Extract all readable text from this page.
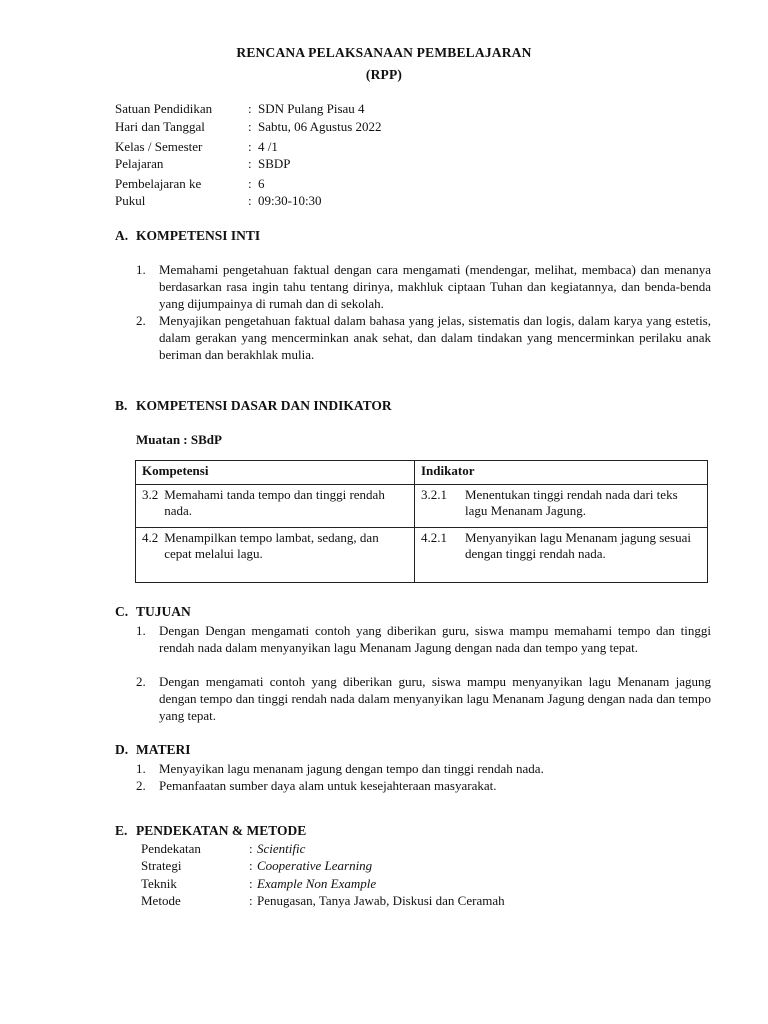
RENCANA PELAKSANAAN PEMBELAJARAN
(RPP)
Satuan Pendidikan	: SDN Pulang Pisau 4
Hari dan Tanggal	: Sabtu, 06 Agustus 2022
Kelas / Semester	: 4 /1
Pelajaran	: SBDP
Pembelajaran ke	: 6
Pukul	: 09:30-10:30
A. KOMPETENSI INTI
1. Memahami pengetahuan faktual dengan cara mengamati (mendengar, melihat, membaca) dan menanya berdasarkan rasa ingin tahu tentang dirinya, makhluk ciptaan Tuhan dan kegiatannya, dan benda-benda yang dijumpainya di rumah dan di sekolah.
2. Menyajikan pengetahuan faktual dalam bahasa yang jelas, sistematis dan logis, dalam karya yang estetis, dalam gerakan yang mencerminkan anak sehat, dan dalam tindakan yang mencerminkan perilaku anak beriman dan berakhlak mulia.
B. KOMPETENSI DASAR DAN INDIKATOR
Muatan : SBdP
Kompetensi	Indikator

3.2 Memahami tanda tempo dan tinggi rendah nada.	3.2.1 Menentukan tinggi rendah nada dari teks lagu Menanam Jagung.

4.2 Menampilkan tempo lambat, sedang, dan cepat melalui lagu.	4.2.1 Menyanyikan lagu Menanam jagung sesuai dengan tinggi rendah nada.
C. TUJUAN
1. Dengan Dengan mengamati contoh yang diberikan guru, siswa mampu memahami tempo dan tinggi rendah nada dalam menyanyikan lagu Menanam Jagung dengan nada dan tempo yang tepat.
2. Dengan mengamati contoh yang diberikan guru, siswa mampu menyanyikan lagu Menanam jagung dengan tempo dan tinggi rendah nada dalam menyanyikan lagu Menanam Jagung dengan nada dan tempo yang tepat.
D. MATERI
1. Menyayikan lagu menanam jagung dengan tempo dan tinggi rendah nada.
2. Pemanfaatan sumber daya alam untuk kesejahteraan masyarakat.
E. PENDEKATAN & METODE
Pendekatan	: Scientific
Strategi	: Cooperative Learning
Teknik	: Example Non Example
Metode	: Penugasan, Tanya Jawab, Diskusi dan Ceramah
